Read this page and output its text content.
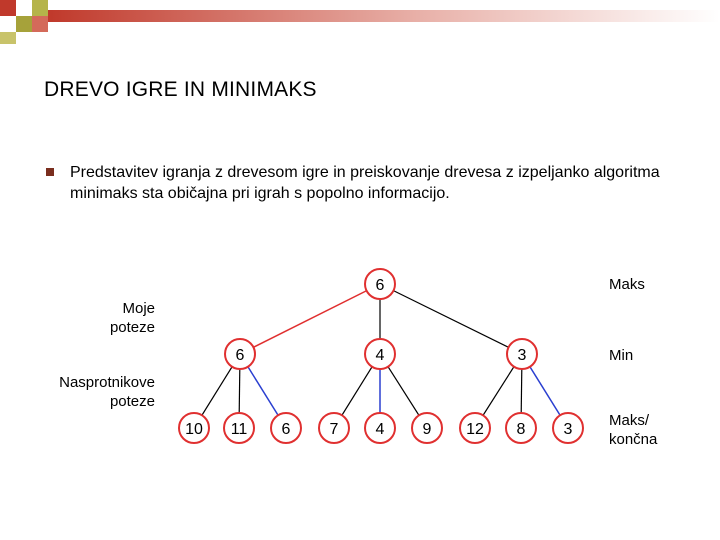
DREVO IGRE IN MINIMAKS
Predstavitev igranja z drevesom igre in preiskovanje drevesa z izpeljanko algoritma minimaks sta običajna pri igrah s popolno informacijo.
6
6	4	3
10 11 6 7 4 9 12 8 3
Moje
poteze
Nasprotnikove
poteze
Maks
Min
Maks/
končna
